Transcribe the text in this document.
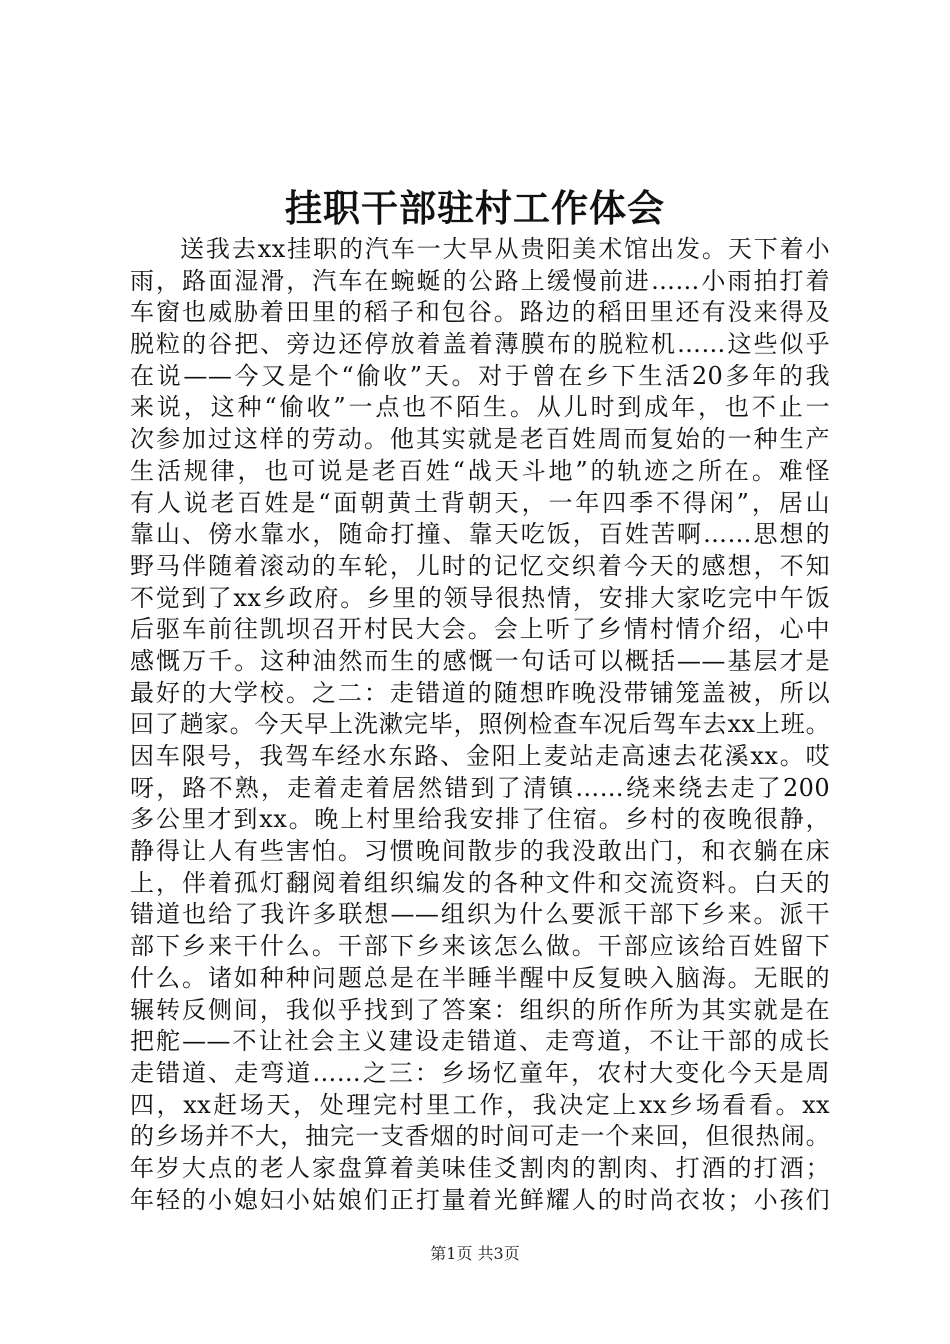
挂职干部驻村工作体会
送我去xx挂职的汽车一大早从贵阳美术馆出发。天下着小
雨，路面湿滑，汽车在蜿蜒的公路上缓慢前进……小雨拍打着
车窗也威胁着田里的稻子和包谷。路边的稻田里还有没来得及
脱粒的谷把、旁边还停放着盖着薄膜布的脱粒机……这些似乎
在说——今又是个“偷收”天。对于曾在乡下生活20多年的我
来说，这种“偷收”一点也不陌生。从儿时到成年，也不止一
次参加过这样的劳动。他其实就是老百姓周而复始的一种生产
生活规律，也可说是老百姓“战天斗地”的轨迹之所在。难怪
有人说老百姓是“面朝黄土背朝天，一年四季不得闲”，居山
靠山、傍水靠水，随命打撞、靠天吃饭，百姓苦啊……思想的
野马伴随着滚动的车轮，儿时的记忆交织着今天的感想，不知
不觉到了xx乡政府。乡里的领导很热情，安排大家吃完中午饭
后驱车前往凯坝召开村民大会。会上听了乡情村情介绍，心中
感慨万千。这种油然而生的感慨一句话可以概括——基层才是
最好的大学校。之二：走错道的随想昨晚没带铺笼盖被，所以
回了趟家。今天早上洗漱完毕，照例检查车况后驾车去xx上班。
因车限号，我驾车经水东路、金阳上麦站走高速去花溪xx。哎
呀，路不熟，走着走着居然错到了清镇……绕来绕去走了200
多公里才到xx。晚上村里给我安排了住宿。乡村的夜晚很静，
静得让人有些害怕。习惯晚间散步的我没敢出门，和衣躺在床
上，伴着孤灯翻阅着组织编发的各种文件和交流资料。白天的
错道也给了我许多联想——组织为什么要派干部下乡来。派干
部下乡来干什么。干部下乡来该怎么做。干部应该给百姓留下
什么。诸如种种问题总是在半睡半醒中反复映入脑海。无眠的
辗转反侧间，我似乎找到了答案：组织的所作所为其实就是在
把舵——不让社会主义建设走错道、走弯道，不让干部的成长
走错道、走弯道……之三：乡场忆童年，农村大变化今天是周
四，xx赶场天，处理完村里工作，我决定上xx乡场看看。xx
的乡场并不大，抽完一支香烟的时间可走一个来回，但很热闹。
年岁大点的老人家盘算着美味佳爻割肉的割肉、打酒的打酒；
年轻的小媳妇小姑娘们正打量着光鲜耀人的时尚衣妆；小孩们
第1页 共3页
